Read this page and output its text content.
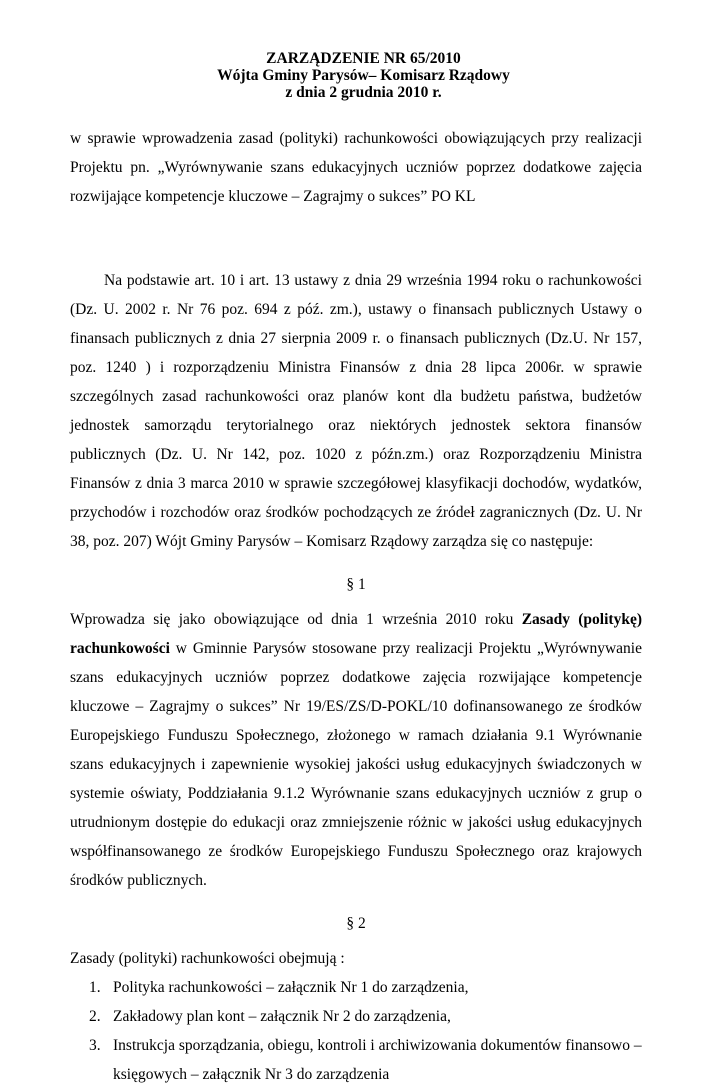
ZARZĄDZENIE NR 65/2010
Wójta Gminy Parysów– Komisarz Rządowy
z dnia 2 grudnia 2010 r.

w sprawie wprowadzenia zasad (polityki) rachunkowości obowiązujących przy realizacji Projektu pn. „Wyrównywanie szans edukacyjnych uczniów poprzez dodatkowe zajęcia rozwijające kompetencje kluczowe – Zagrajmy o sukces” PO KL

Na podstawie art. 10 i art. 13 ustawy z dnia 29 września 1994 roku o rachunkowości (Dz. U. 2002 r. Nr 76 poz. 694 z póź. zm.), ustawy o finansach publicznych Ustawy o finansach publicznych z dnia 27 sierpnia 2009 r. o finansach publicznych (Dz.U. Nr 157, poz. 1240 ) i rozporządzeniu Ministra Finansów z dnia 28 lipca 2006r. w sprawie szczególnych zasad rachunkowości oraz planów kont dla budżetu państwa, budżetów jednostek samorządu terytorialnego oraz niektórych jednostek sektora finansów publicznych (Dz. U. Nr 142, poz. 1020 z późn.zm.) oraz Rozporządzeniu Ministra Finansów z dnia 3 marca 2010 w sprawie szczegółowej klasyfikacji dochodów, wydatków, przychodów i rozchodów oraz środków pochodzących ze źródeł zagranicznych (Dz. U. Nr 38, poz. 207) Wójt Gminy Parysów – Komisarz Rządowy zarządza się co następuje:

§ 1

Wprowadza się jako obowiązujące od dnia 1 września 2010 roku Zasady (politykę) rachunkowości w Gminnie Parysów stosowane przy realizacji Projektu „Wyrównywanie szans edukacyjnych uczniów poprzez dodatkowe zajęcia rozwijające kompetencje kluczowe – Zagrajmy o sukces” Nr 19/ES/ZS/D-POKL/10 dofinansowanego ze środków Europejskiego Funduszu Społecznego, złożonego w ramach działania 9.1 Wyrównanie szans edukacyjnych i zapewnienie wysokiej jakości usług edukacyjnych świadczonych w systemie oświaty, Poddziałania 9.1.2 Wyrównanie szans edukacyjnych uczniów z grup o utrudnionym dostępie do edukacji oraz zmniejszenie różnic w jakości usług edukacyjnych współfinansowanego ze środków Europejskiego Funduszu Społecznego oraz krajowych środków publicznych.

§ 2

Zasady (polityki) rachunkowości obejmują :

1. Polityka rachunkowości – załącznik Nr 1 do zarządzenia,
2. Zakładowy plan kont – załącznik Nr 2 do zarządzenia,
3. Instrukcja sporządzania, obiegu, kontroli i archiwizowania dokumentów finansowo – księgowych – załącznik Nr 3 do zarządzenia
